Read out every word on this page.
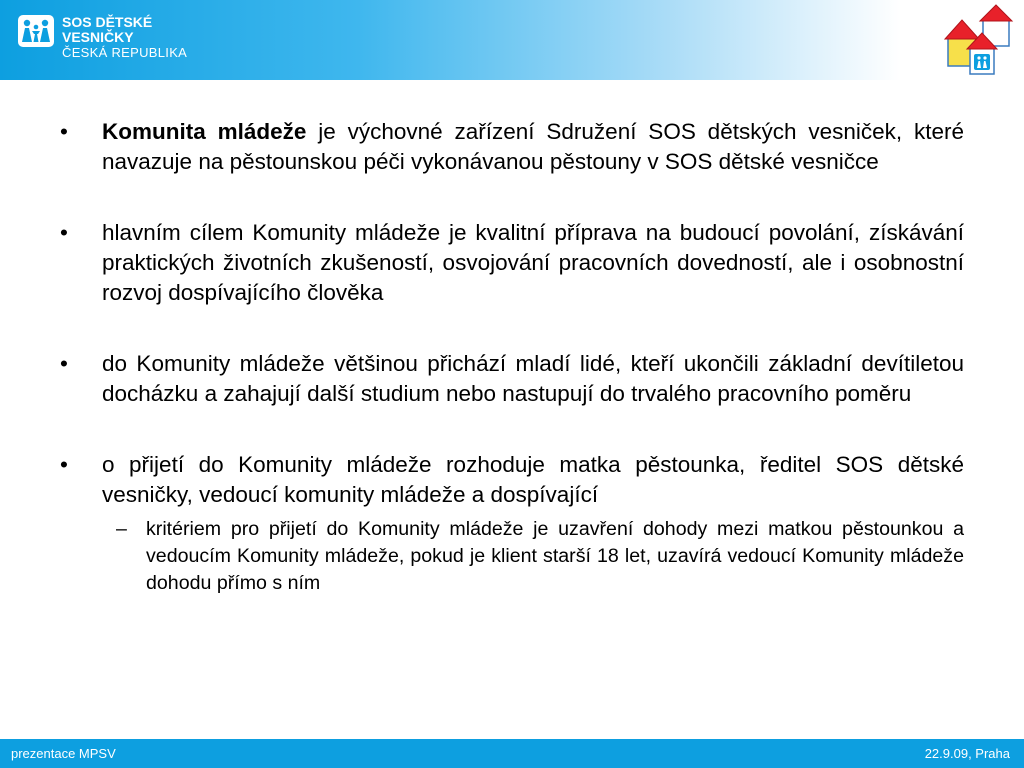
SOS DĚTSKÉ
VESNIČKY
ČESKÁ REPUBLIKA
•	Komunita mládeže je výchovné zařízení Sdružení SOS dětských vesniček, které navazuje na pěstounskou péči vykonávanou pěstouny v SOS dětské vesničce
•	hlavním cílem Komunity mládeže je kvalitní příprava na budoucí povolání, získávání praktických životních zkušeností, osvojování pracovních dovedností, ale i osobnostní rozvoj dospívajícího člověka
•	do Komunity mládeže většinou přichází mladí lidé, kteří ukončili základní devítiletou docházku a zahajují další studium nebo nastupují do trvalého pracovního poměru
•	o přijetí do Komunity mládeže rozhoduje matka pěstounka, ředitel SOS dětské vesničky, vedoucí komunity mládeže a dospívající
– kritériem pro přijetí do Komunity mládeže je uzavření dohody mezi matkou pěstounkou a vedoucím Komunity mládeže, pokud je klient starší 18 let, uzavírá vedoucí Komunity mládeže dohodu přímo s ním
prezentace MPSV	22.9.09, Praha
